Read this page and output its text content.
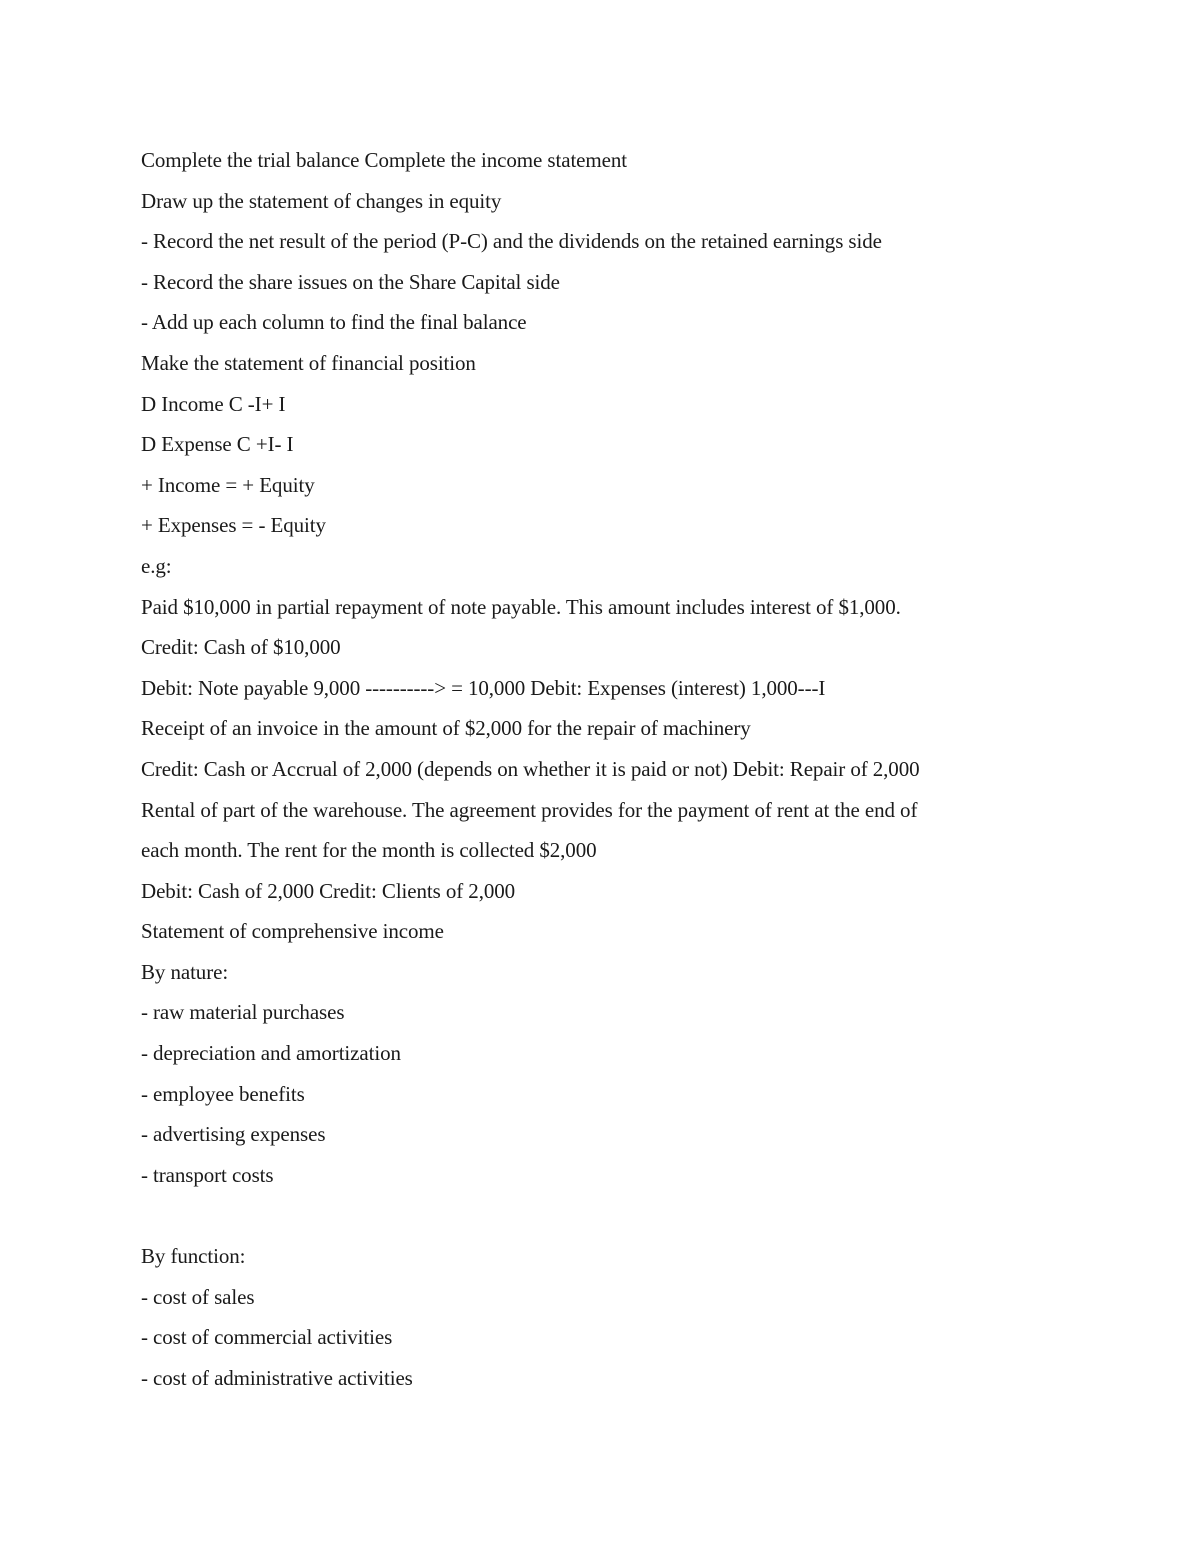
Complete the trial balance Complete the income statement
Draw up the statement of changes in equity
- Record the net result of the period (P-C) and the dividends on the retained earnings side
- Record the share issues on the Share Capital side
- Add up each column to find the final balance
Make the statement of financial position
D Income C -I+ I
D Expense C +I- I
+ Income = + Equity
+ Expenses = - Equity
e.g:
Paid $10,000 in partial repayment of note payable. This amount includes interest of $1,000.
Credit: Cash of $10,000
Debit: Note payable 9,000 ----------> = 10,000 Debit: Expenses (interest) 1,000---I
Receipt of an invoice in the amount of $2,000 for the repair of machinery
Credit: Cash or Accrual of 2,000 (depends on whether it is paid or not) Debit: Repair of 2,000
Rental of part of the warehouse. The agreement provides for the payment of rent at the end of
each month. The rent for the month is collected $2,000
Debit: Cash of 2,000 Credit: Clients of 2,000
Statement of comprehensive income
By nature:
- raw material purchases
- depreciation and amortization
- employee benefits
- advertising expenses
- transport costs
By function:
- cost of sales
- cost of commercial activities
- cost of administrative activities
